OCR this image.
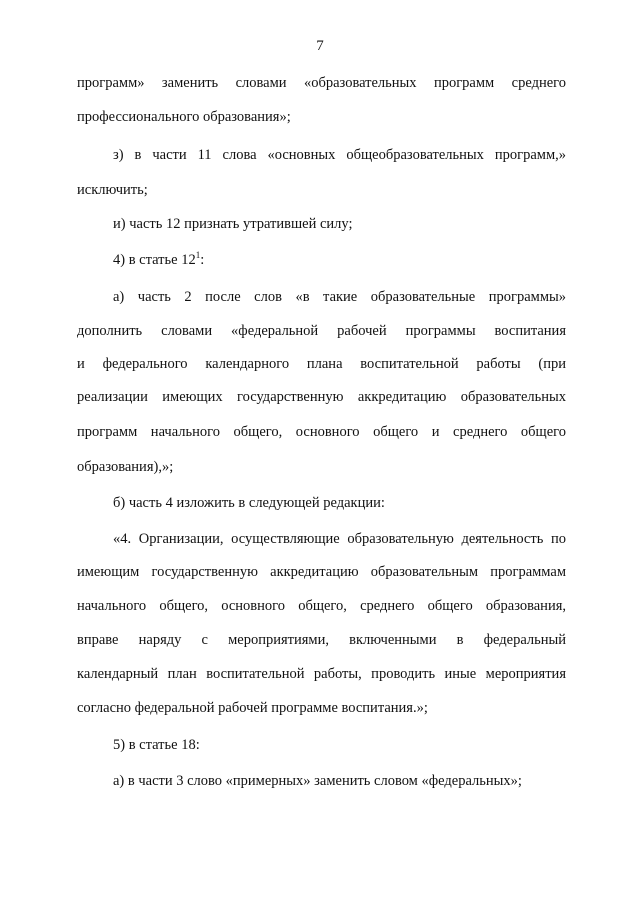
7
программ» заменить словами «образовательных программ среднего
профессионального образования»;
з) в части 11 слова «основных общеобразовательных программ,»
исключить;
и) часть 12 признать утратившей силу;
4) в статье $12^1$:
а) часть 2 после слов «в такие образовательные программы»
дополнить словами «федеральной рабочей программы воспитания
и федерального календарного плана воспитательной работы (при
реализации имеющих государственную аккредитацию образовательных
программ начального общего, основного общего и среднего общего
образования),»;
б) часть 4 изложить в следующей редакции:
«4. Организации, осуществляющие образовательную деятельность по
имеющим государственную аккредитацию образовательным программам
начального общего, основного общего, среднего общего образования,
вправе наряду с мероприятиями, включенными в федеральный
календарный план воспитательной работы, проводить иные мероприятия
согласно федеральной рабочей программе воспитания.»;
5) в статье 18:
а) в части 3 слово «примерных» заменить словом «федеральных»;
